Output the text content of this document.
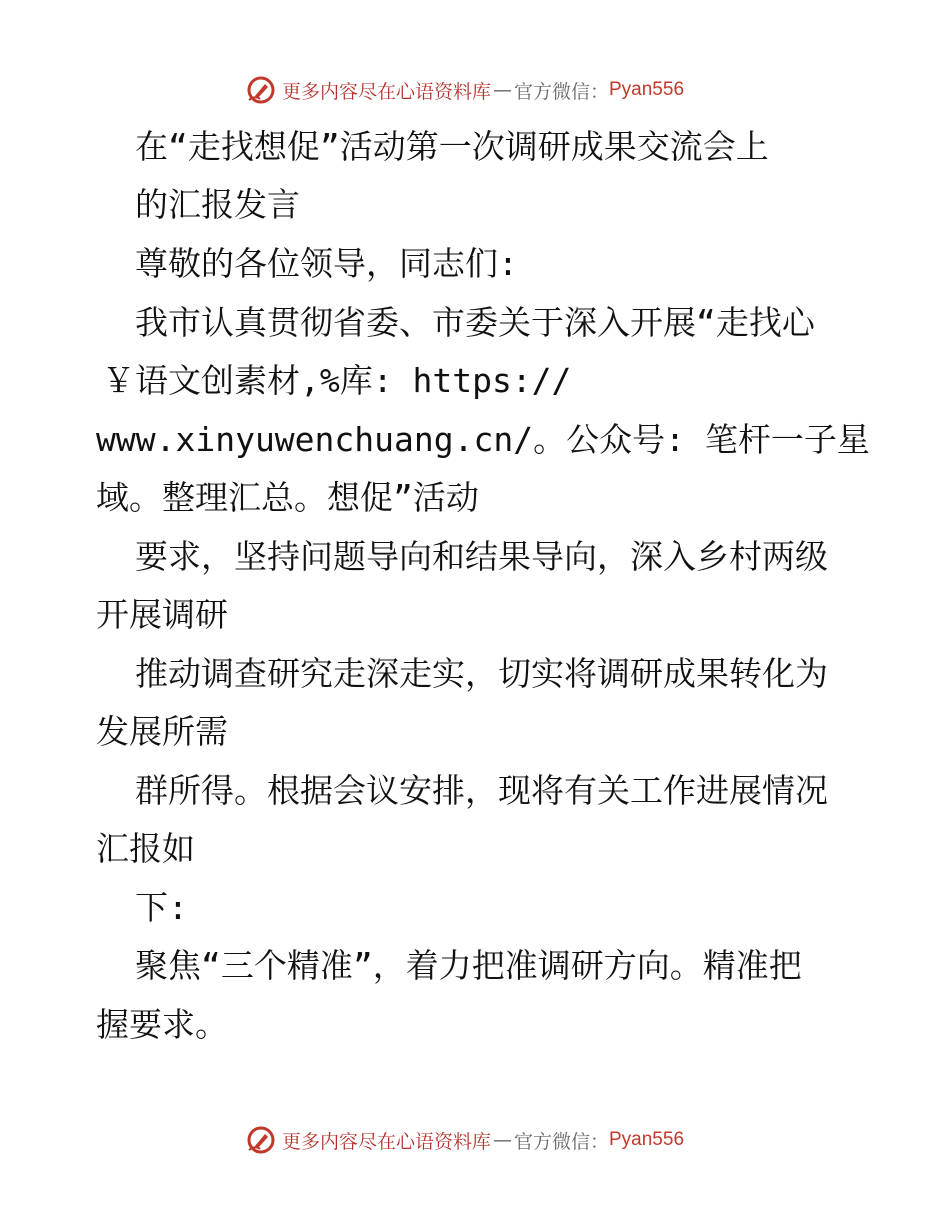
更多内容尽在心语资料库 — 官方微信： Pyan556
在“走找想促”活动第一次调研成果交流会上
的汇报发言
尊敬的各位领导，同志们:
我市认真贯彻省委、市委关于深入开展“走找心
￥语文创素材,%库: https://
www.xinyuwenchuang.cn/。公众号: 笔杆一子星
域。整理汇总。想促”活动
要求，坚持问题导向和结果导向，深入乡村两级
开展调研
推动调查研究走深走实，切实将调研成果转化为
发展所需
群所得。根据会议安排，现将有关工作进展情况
汇报如
下:
聚焦“三个精准”，着力把准调研方向。精准把
握要求。
更多内容尽在心语资料库 — 官方微信： Pyan556
